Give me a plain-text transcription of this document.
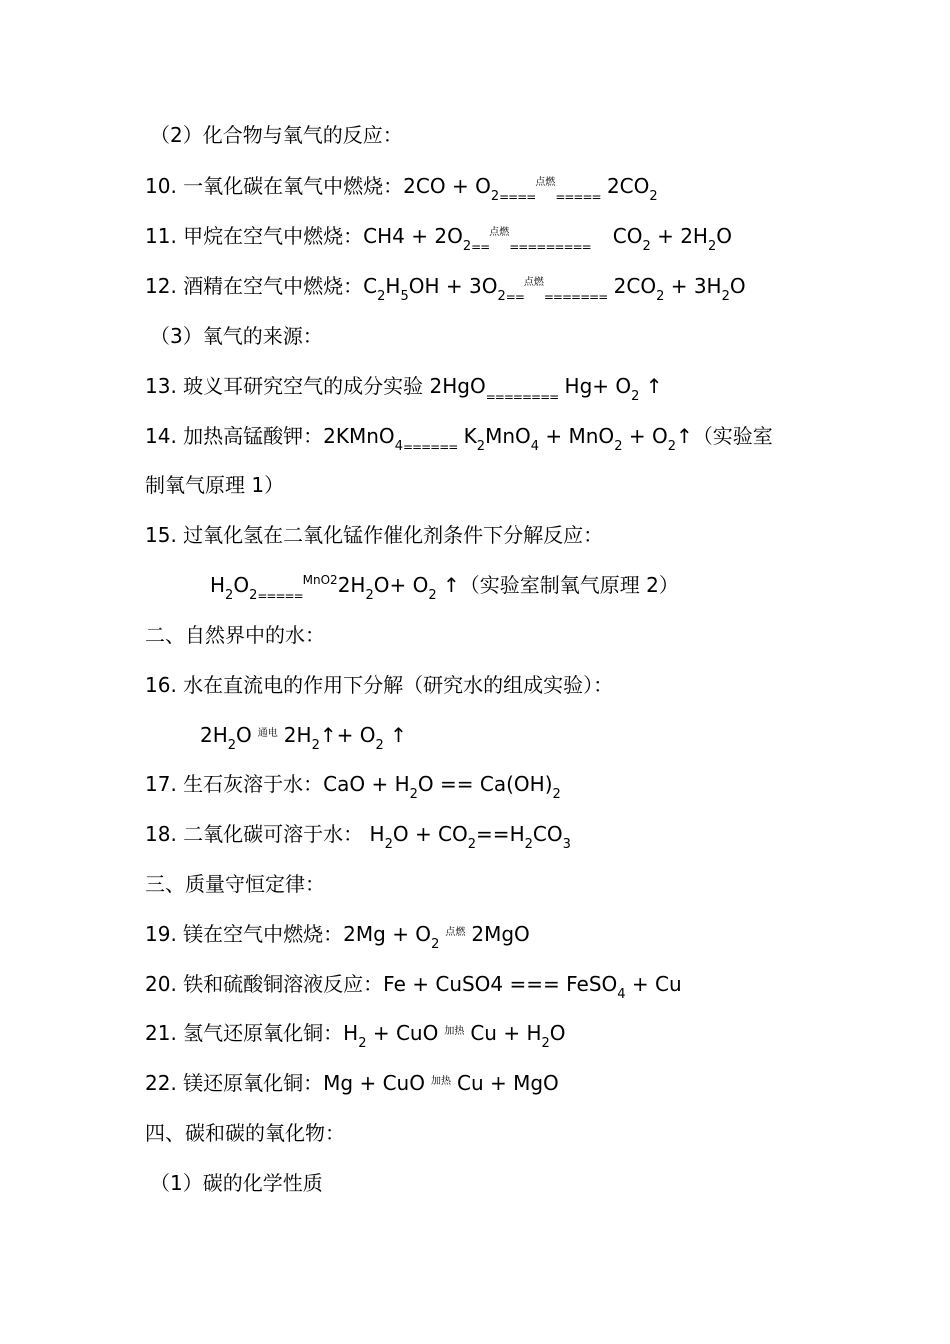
（2）化合物与氧气的反应：
10. 一氧化碳在氧气中燃烧：$2CO + O_{2====}^{点燃}_{=====}$ $2CO_2$
11. 甲烷在空气中燃烧：$CH4 + 2O_{2==}^{点燃}_{=========}$ $CO_2 + 2H_2O$
12. 酒精在空气中燃烧：$C_2H_5OH + 3O_{2==}^{点燃}_{=======}$ $2CO_2 + 3H_2O$
（3）氧气的来源：
13. 玻义耳研究空气的成分实验 2HgO$_{========}$ $Hg+ O_2$ ↑
14. 加热高锰酸钾：2KMnO$_{4======}$ $K_2MnO_4 + MnO_2$ + $O_2↑$（实验室
制氧气原理 1）
15. 过氧化氢在二氧化锰作催化剂条件下分解反应：
$H_2O_{2=====}^{MnO2}2H_2O+ O_2$ ↑（实验室制氧气原理 2）
二、自然界中的水：
16. 水在直流电的作用下分解（研究水的组成实验）：
$2H_2O$ $^{通电}$ $2H_2↑+ O_2$ ↑
17. 生石灰溶于水：CaO + $H_2O == Ca(OH)_2$
18. 二氧化碳可溶于水： $H_2O + CO_2==H_2CO_3$
三、质量守恒定律：
19. 镁在空气中燃烧：$2Mg + O_2^{点燃}$ 2MgO
20. 铁和硫酸铜溶液反应：Fe + CuSO4 === FeSO$_4$ + Cu
21. 氢气还原氧化铜：$H_2$ + CuO $^{加热}$ $Cu + H_2O$
22. 镁还原氧化铜：Mg + CuO $^{加热}$ Cu + MgO
四、碳和碳的氧化物：
（1）碳的化学性质
